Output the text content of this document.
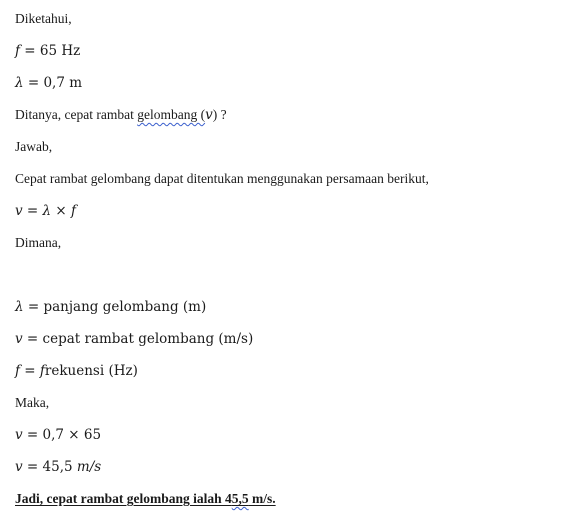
Diketahui,
f = 65 Hz
λ = 0,7 m
Ditanya, cepat rambat gelombang (v) ?
Jawab,
Cepat rambat gelombang dapat ditentukan menggunakan persamaan berikut,
v = λ × f
Dimana,
λ = panjang gelombang (m)
v = cepat rambat gelombang (m/s)
f = frekuensi (Hz)
Maka,
v = 0,7 × 65
v = 45,5 m/s
Jadi, cepat rambat gelombang ialah 45,5 m/s.
